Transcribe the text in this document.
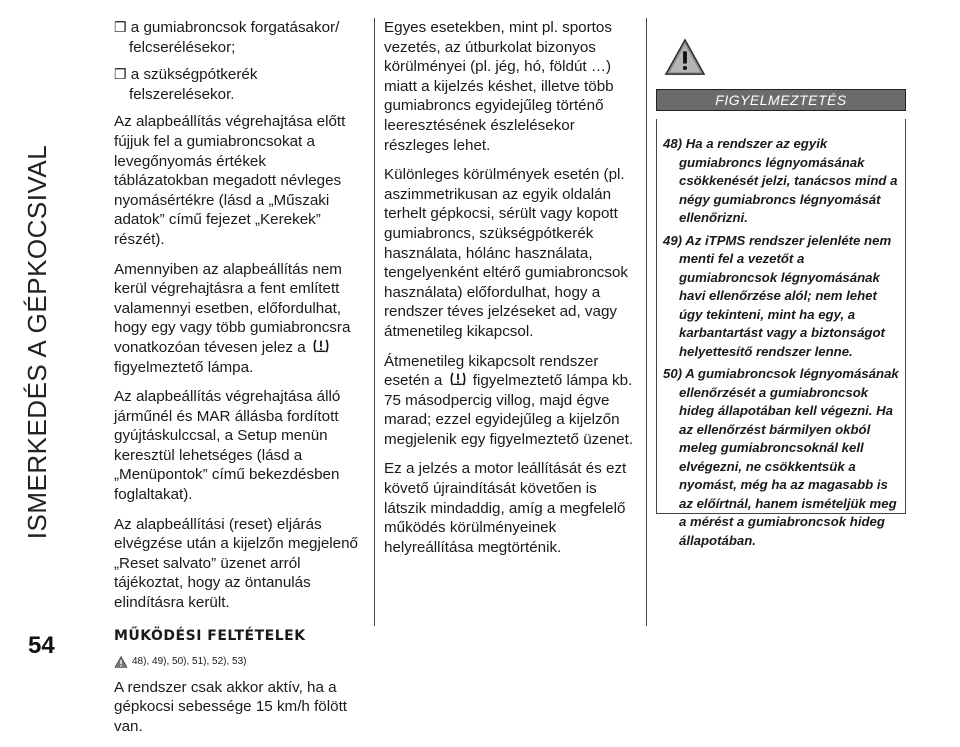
ISMERKEDÉS A GÉPKOCSIVAL
54

❒ a gumiabroncsok forgatásakor/ felcserélésekor;

❒ a szükségpótkerék felszerelésekor.

Az alapbeállítás végrehajtása előtt fújjuk fel a gumiabroncsokat a levegőnyomás értékek táblázatokban megadott névleges nyomásértékre (lásd a „Műszaki adatok” című fejezet „Kerekek” részét).

Amennyiben az alapbeállítás nem kerül végrehajtásra a fent említett valamennyi esetben, előfordulhat, hogy egy vagy több gumiabroncsra vonatkozóan tévesen jelez a  figyelmeztető lámpa.

Az alapbeállítás végrehajtása álló járműnél és MAR állásba fordított gyújtáskulccsal, a Setup menün keresztül lehetséges (lásd a „Menüpontok” című bekezdésben foglaltakat).

Az alapbeállítási (reset) eljárás elvégzése után a kijelzőn megjelenő „Reset salvato” üzenet arról tájékoztat, hogy az öntanulás elindításra került.

MŰKÖDÉSI FELTÉTELEK
48), 49), 50), 51), 52), 53)

A rendszer csak akkor aktív, ha a gépkocsi sebessége 15 km/h fölött van.

Egyes esetekben, mint pl. sportos vezetés, az útburkolat bizonyos körülményei (pl. jég, hó, földút …) miatt a kijelzés késhet, illetve több gumiabroncs egyidejűleg történő leeresztésének észlelésekor részleges lehet.

Különleges körülmények esetén (pl. aszimmetrikusan az egyik oldalán terhelt gépkocsi, sérült vagy kopott gumiabroncs, szükségpótkerék használata, hólánc használata, tengelyenként eltérő gumiabroncsok használata) előfordulhat, hogy a rendszer téves jelzéseket ad, vagy átmenetileg kikapcsol.

Átmenetileg kikapcsolt rendszer esetén a figyelmeztető lámpa kb. 75 másodpercig villog, majd égve marad; ezzel egyidejűleg a kijelzőn megjelenik egy figyelmeztető üzenet.

Ez a jelzés a motor leállítását és ezt követő újraindítását követően is látszik mindaddig, amíg a megfelelő működés körülményeinek helyreállítása megtörténik.

FIGYELMEZTETÉS

48) Ha a rendszer az egyik gumiabroncs légnyomásának csökkenését jelzi, tanácsos mind a négy gumiabroncs légnyomását ellenőrizni.

49) Az iTPMS rendszer jelenléte nem menti fel a vezetőt a gumiabroncsok légnyomásának havi ellenőrzése alól; nem lehet úgy tekinteni, mint ha egy, a karbantartást vagy a biztonságot helyettesítő rendszer lenne.

50) A gumiabroncsok légnyomásának ellenőrzését a gumiabroncsok hideg állapotában kell végezni. Ha az ellenőrzést bármilyen okból meleg gumiabroncsoknál kell elvégezni, ne csökkentsük a nyomást, még ha az magasabb is az előírtnál, hanem ismételjük meg a mérést a gumiabroncsok hideg állapotában.
